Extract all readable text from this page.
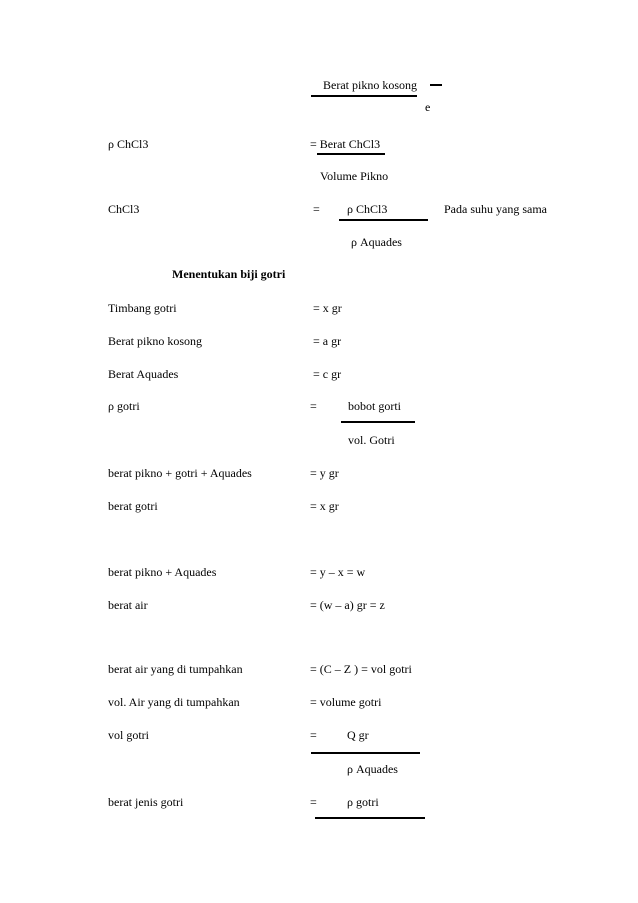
Berat pikno kosong
e
ρ ChCl3	= Berat ChCl3
Volume Pikno
ChCl3	= ρ ChCl3	Pada suhu yang sama
ρ Aquades
Menentukan biji gotri
Timbang gotri	= x gr
Berat pikno kosong	= a gr
Berat Aquades	= c gr
ρ gotri	=	bobot gorti
vol. Gotri
berat pikno + gotri + Aquades	= y gr
berat gotri	= x gr
berat pikno + Aquades	= y – x = w
berat air	= (w – a) gr = z
berat air yang di tumpahkan	= (C – Z ) = vol gotri
vol. Air yang di tumpahkan	= volume gotri
vol gotri	=	Q gr
ρ Aquades
berat jenis gotri	=	ρ gotri
